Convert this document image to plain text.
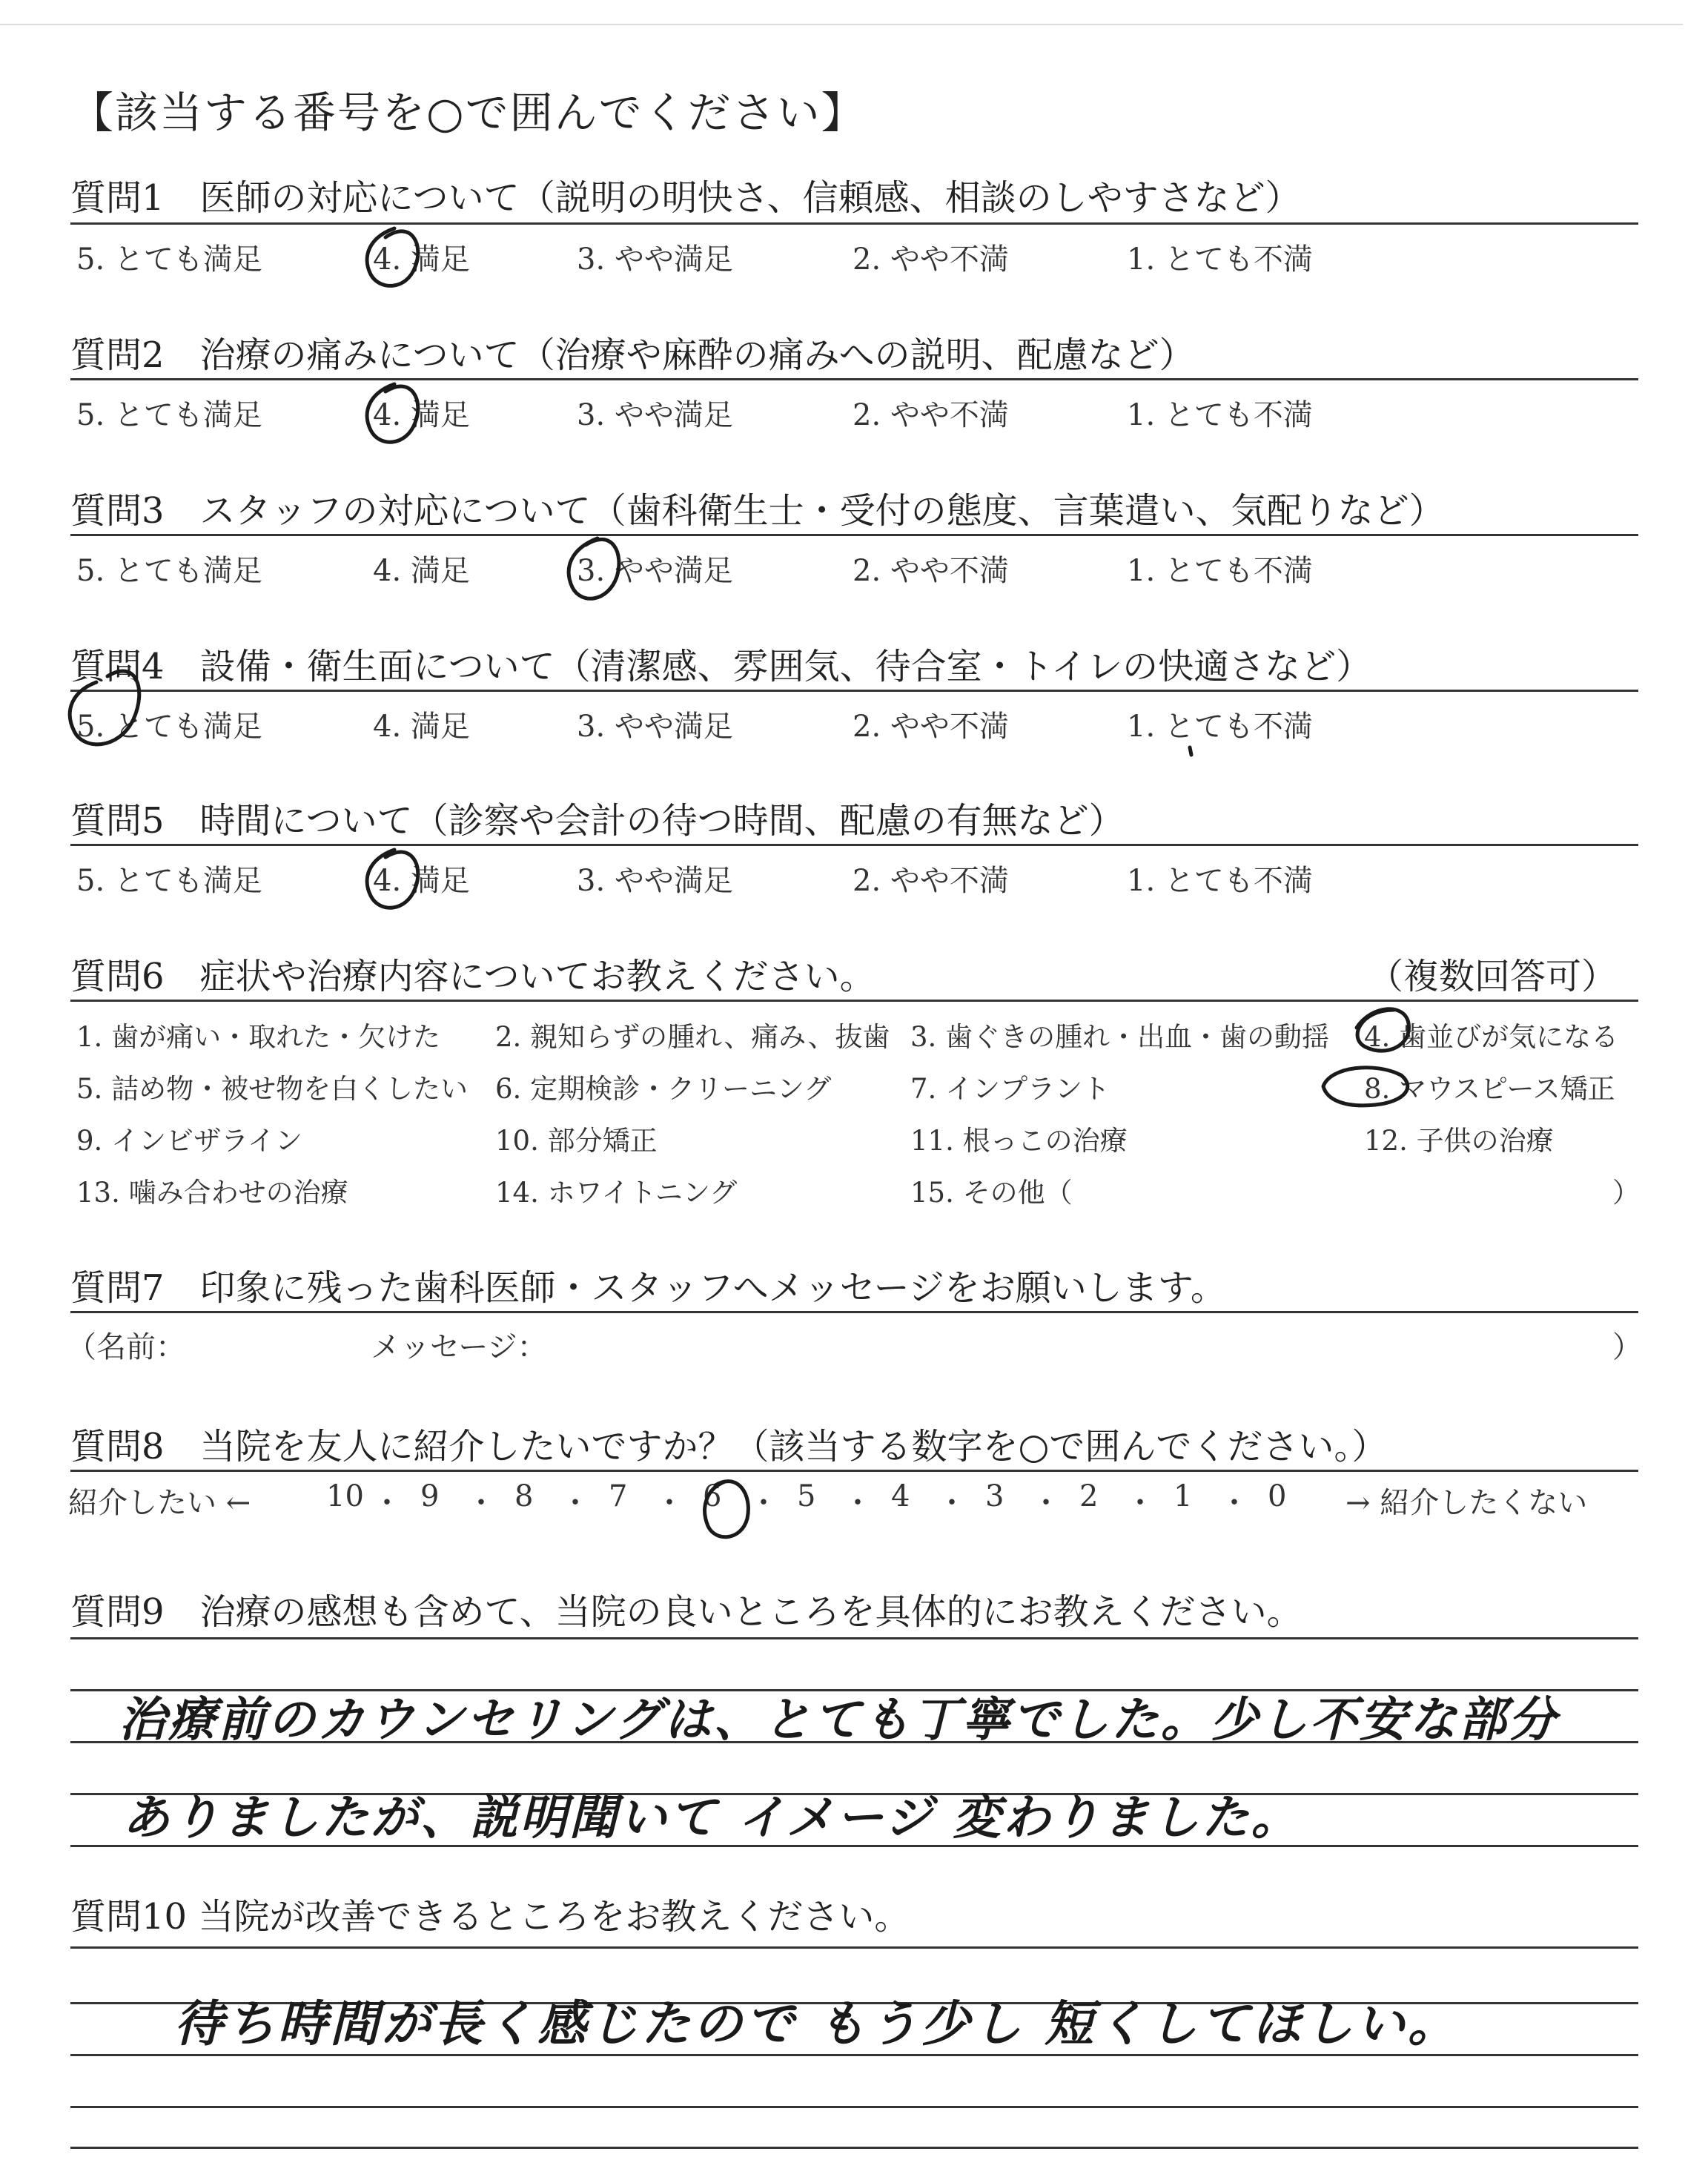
【該当する番号を○で囲んでください】
質問1　医師の対応について（説明の明快さ、信頼感、相談のしやすさなど）
5. とても満足	4. 満足	3. やや満足	2. やや不満	1. とても不満
質問2　治療の痛みについて（治療や麻酔の痛みへの説明、配慮など）
5. とても満足	4. 満足	3. やや満足	2. やや不満	1. とても不満
質問3　スタッフの対応について（歯科衛生士・受付の態度、言葉遣い、気配りなど）
5. とても満足	4. 満足	3. やや満足	2. やや不満	1. とても不満
質問4　設備・衛生面について（清潔感、雰囲気、待合室・トイレの快適さなど）
5. とても満足	4. 満足	3. やや満足	2. やや不満	1. とても不満
質問5　時間について（診察や会計の待つ時間、配慮の有無など）
5. とても満足	4. 満足	3. やや満足	2. やや不満	1. とても不満
質問6　症状や治療内容についてお教えください。	（複数回答可）
1. 歯が痛い・取れた・欠けた 2. 親知らずの腫れ、痛み、抜歯 3. 歯ぐきの腫れ・出血・歯の動揺 4. 歯並びが気になる
5. 詰め物・被せ物を白くしたい 6. 定期検診・クリーニング	7. インプラント	8. マウスピース矯正
9. インビザライン	10. 部分矯正	11. 根っこの治療	12. 子供の治療
13. 噛み合わせの治療	14. ホワイトニング	15. その他（	）
質問7　印象に残った歯科医師・スタッフへメッセージをお願いします。
（名前：	メッセージ：	）
質問8　当院を友人に紹介したいですか？（該当する数字を○で囲んでください。）
紹介したい ←	→ 紹介したくない
10 ・ 9 ・ 8 ・ 7 ・ 6 ・ 5 ・ 4 ・ 3 ・ 2 ・ 1 ・ 0
質問9　治療の感想も含めて、当院の良いところを具体的にお教えください。
治療前のカウンセリングは、とても丁寧でした。少し不安な部分
ありましたが、説明聞いて イメージ 変わりました。
質問10 当院が改善できるところをお教えください。
待ち時間が長く感じたので もう少し 短くしてほしい。
